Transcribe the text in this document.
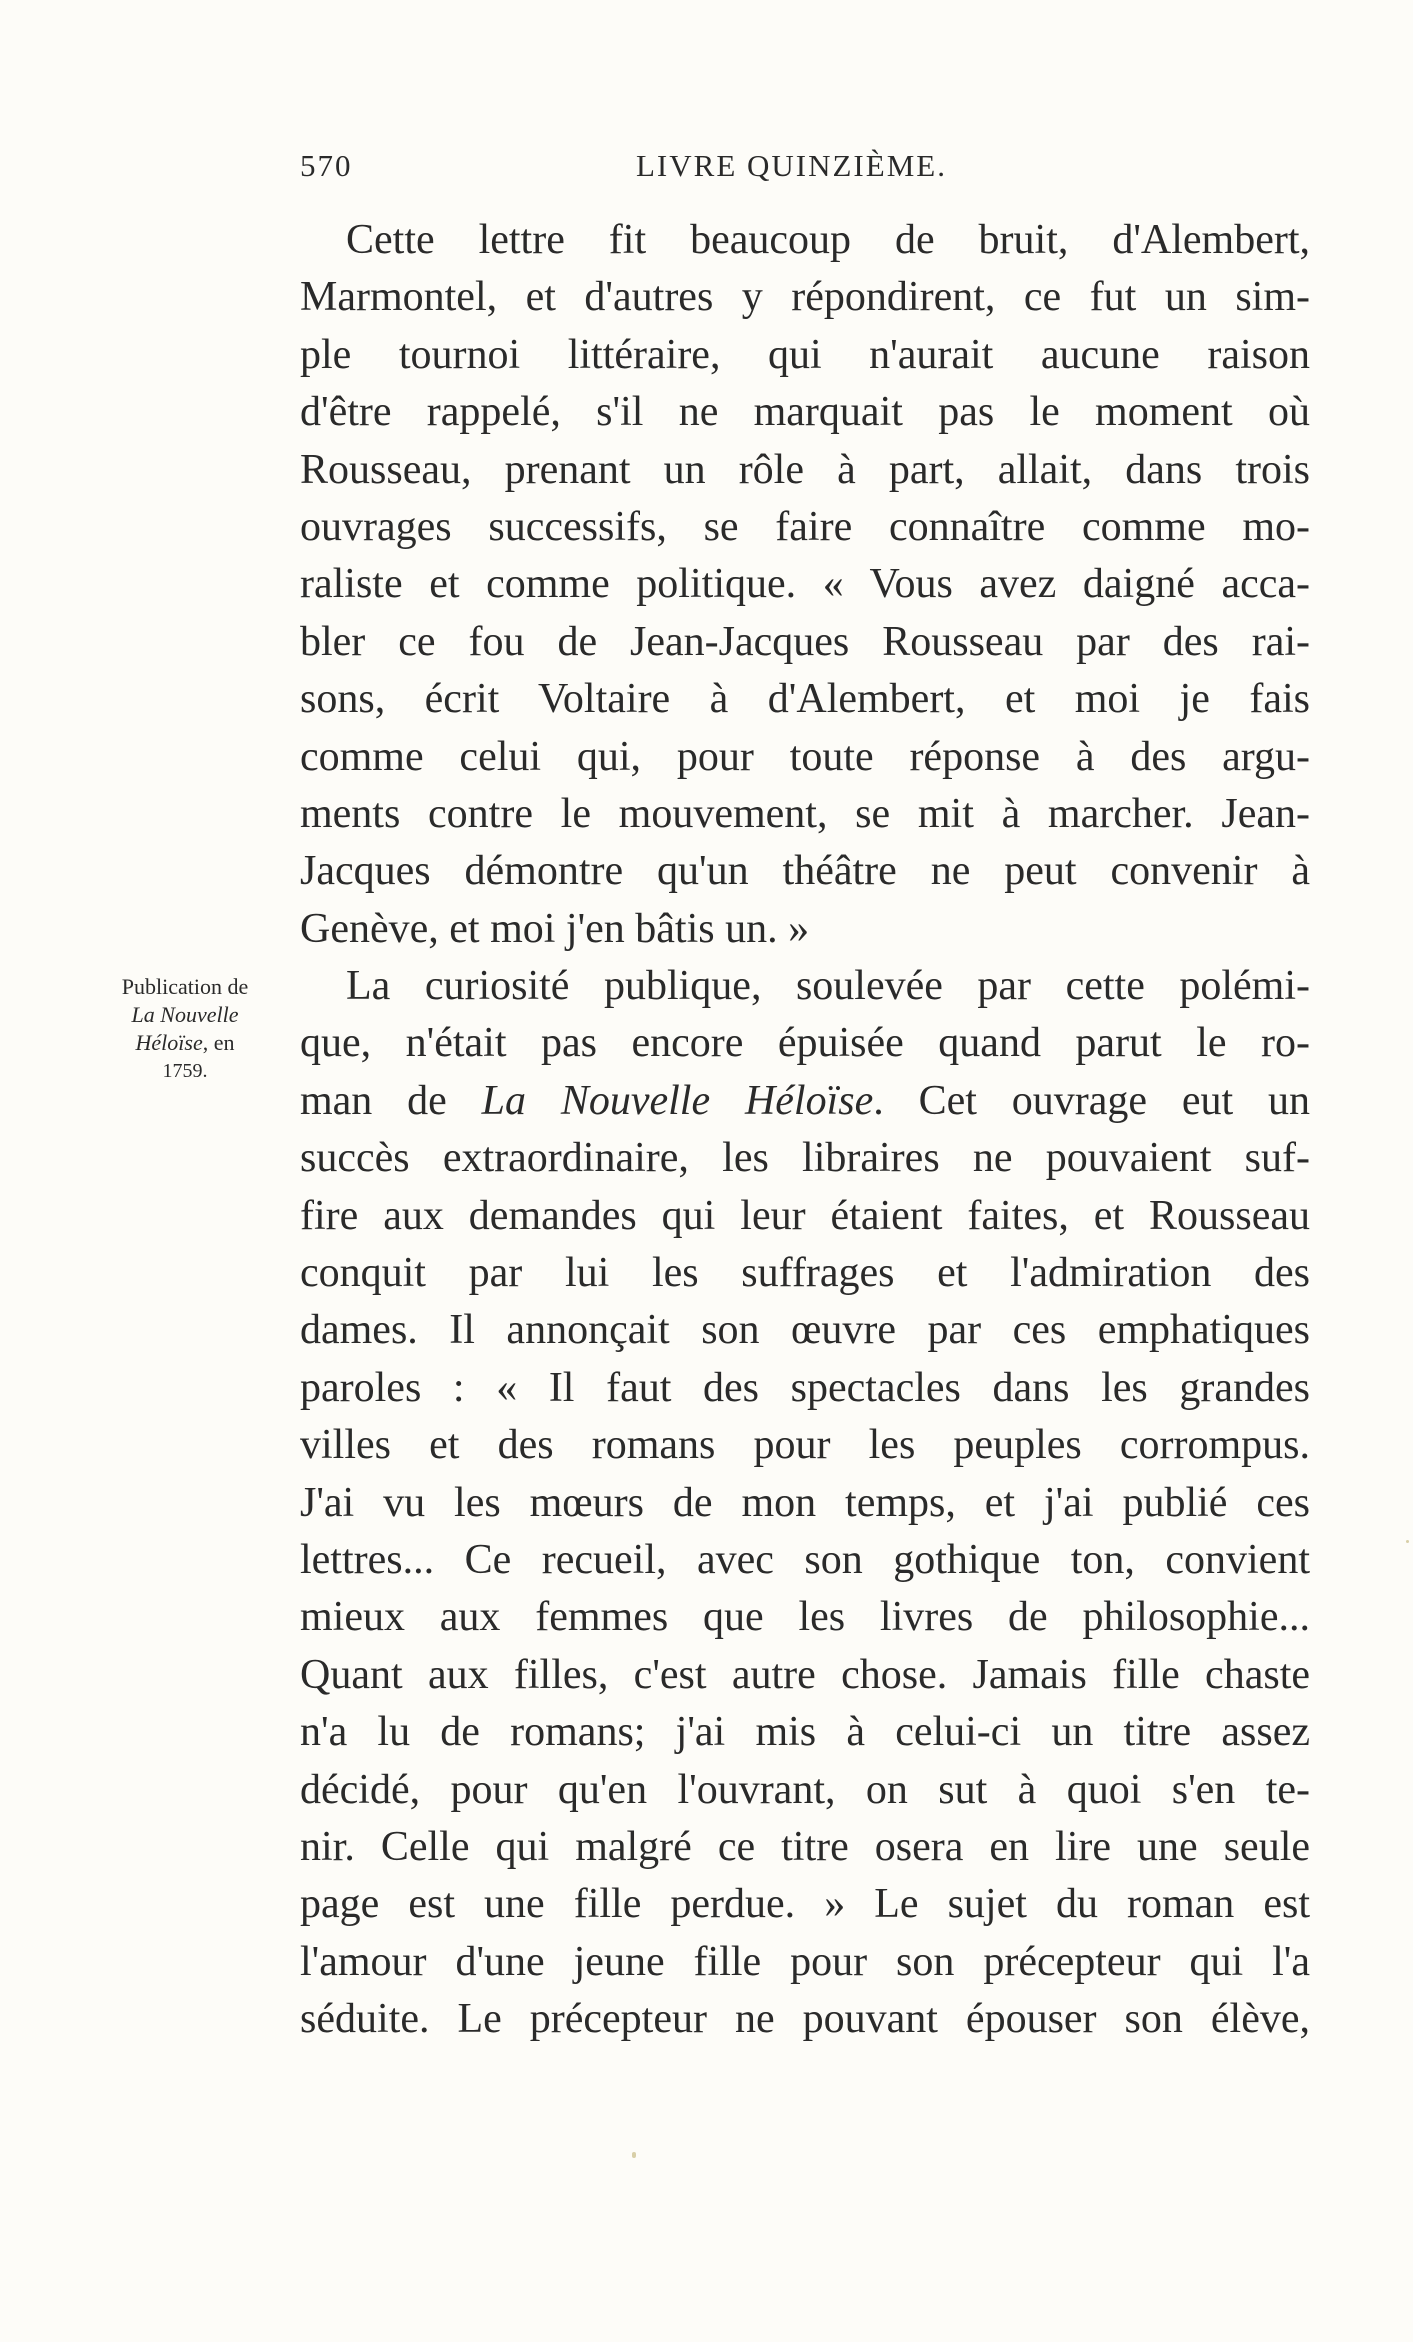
570	LIVRE QUINZIÈME.
Publication de
La Nouvelle
Héloïse, en
1759.
Cette lettre fit beaucoup de bruit, d'Alembert,
Marmontel, et d'autres y répondirent, ce fut un sim-
ple tournoi littéraire, qui n'aurait aucune raison
d'être rappelé, s'il ne marquait pas le moment où
Rousseau, prenant un rôle à part, allait, dans trois
ouvrages successifs, se faire connaître comme mo-
raliste et comme politique. « Vous avez daigné acca-
bler ce fou de Jean-Jacques Rousseau par des rai-
sons, écrit Voltaire à d'Alembert, et moi je fais
comme celui qui, pour toute réponse à des argu-
ments contre le mouvement, se mit à marcher. Jean-
Jacques démontre qu'un théâtre ne peut convenir à
Genève, et moi j'en bâtis un. »
La curiosité publique, soulevée par cette polémi-
que, n'était pas encore épuisée quand parut le ro-
man de La Nouvelle Héloïse. Cet ouvrage eut un
succès extraordinaire, les libraires ne pouvaient suf-
fire aux demandes qui leur étaient faites, et Rousseau
conquit par lui les suffrages et l'admiration des
dames. Il annonçait son œuvre par ces emphatiques
paroles : « Il faut des spectacles dans les grandes
villes et des romans pour les peuples corrompus.
J'ai vu les mœurs de mon temps, et j'ai publié ces
lettres... Ce recueil, avec son gothique ton, convient
mieux aux femmes que les livres de philosophie...
Quant aux filles, c'est autre chose. Jamais fille chaste
n'a lu de romans; j'ai mis à celui-ci un titre assez
décidé, pour qu'en l'ouvrant, on sut à quoi s'en te-
nir. Celle qui malgré ce titre osera en lire une seule
page est une fille perdue. » Le sujet du roman est
l'amour d'une jeune fille pour son précepteur qui l'a
séduite. Le précepteur ne pouvant épouser son élève,
